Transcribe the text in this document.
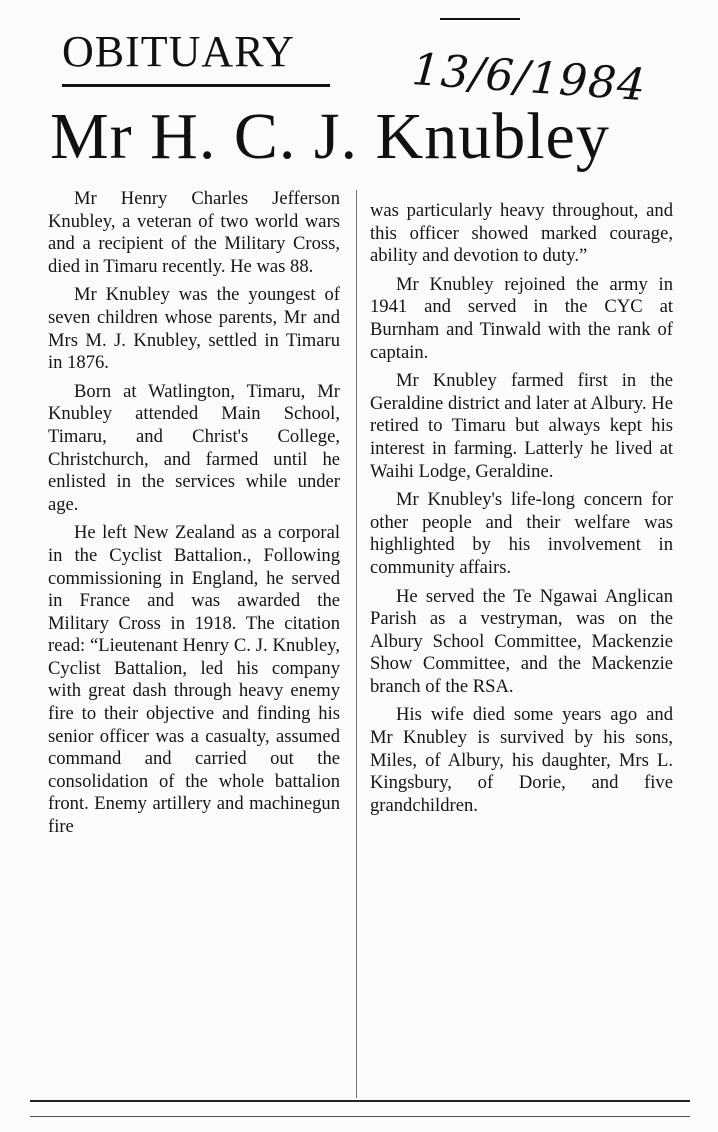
OBITUARY	13/6/1984
Mr H. C. J. Knubley

Mr Henry Charles Jefferson Knubley, a veteran of two world wars and a recipient of the Military Cross, died in Timaru recently. He was 88.

Mr Knubley was the youngest of seven children whose parents, Mr and Mrs M. J. Knubley, settled in Timaru in 1876.

Born at Watlington, Timaru, Mr Knubley attended Main School, Timaru, and Christ's College, Christchurch, and farmed until he enlisted in the services while under age.

He left New Zealand as a corporal in the Cyclist Battalion., Following commissioning in England, he served in France and was awarded the Military Cross in 1918. The citation read: “Lieutenant Henry C. J. Knubley, Cyclist Battalion, led his company with great dash through heavy enemy fire to their objective and finding his senior officer was a casualty, assumed command and carried out the consolidation of the whole battalion front. Enemy artillery and machinegun fire

was particularly heavy throughout, and this officer showed marked courage, ability and devotion to duty.”

Mr Knubley rejoined the army in 1941 and served in the CYC at Burnham and Tinwald with the rank of captain.

Mr Knubley farmed first in the Geraldine district and later at Albury. He retired to Timaru but always kept his interest in farming. Latterly he lived at Waihi Lodge, Geraldine.

Mr Knubley's life-long concern for other people and their welfare was highlighted by his involvement in community affairs.

He served the Te Ngawai Anglican Parish as a vestryman, was on the Albury School Committee, Mackenzie Show Committee, and the Mackenzie branch of the RSA.

His wife died some years ago and Mr Knubley is survived by his sons, Miles, of Albury, his daughter, Mrs L. Kingsbury, of Dorie, and five grandchildren.
